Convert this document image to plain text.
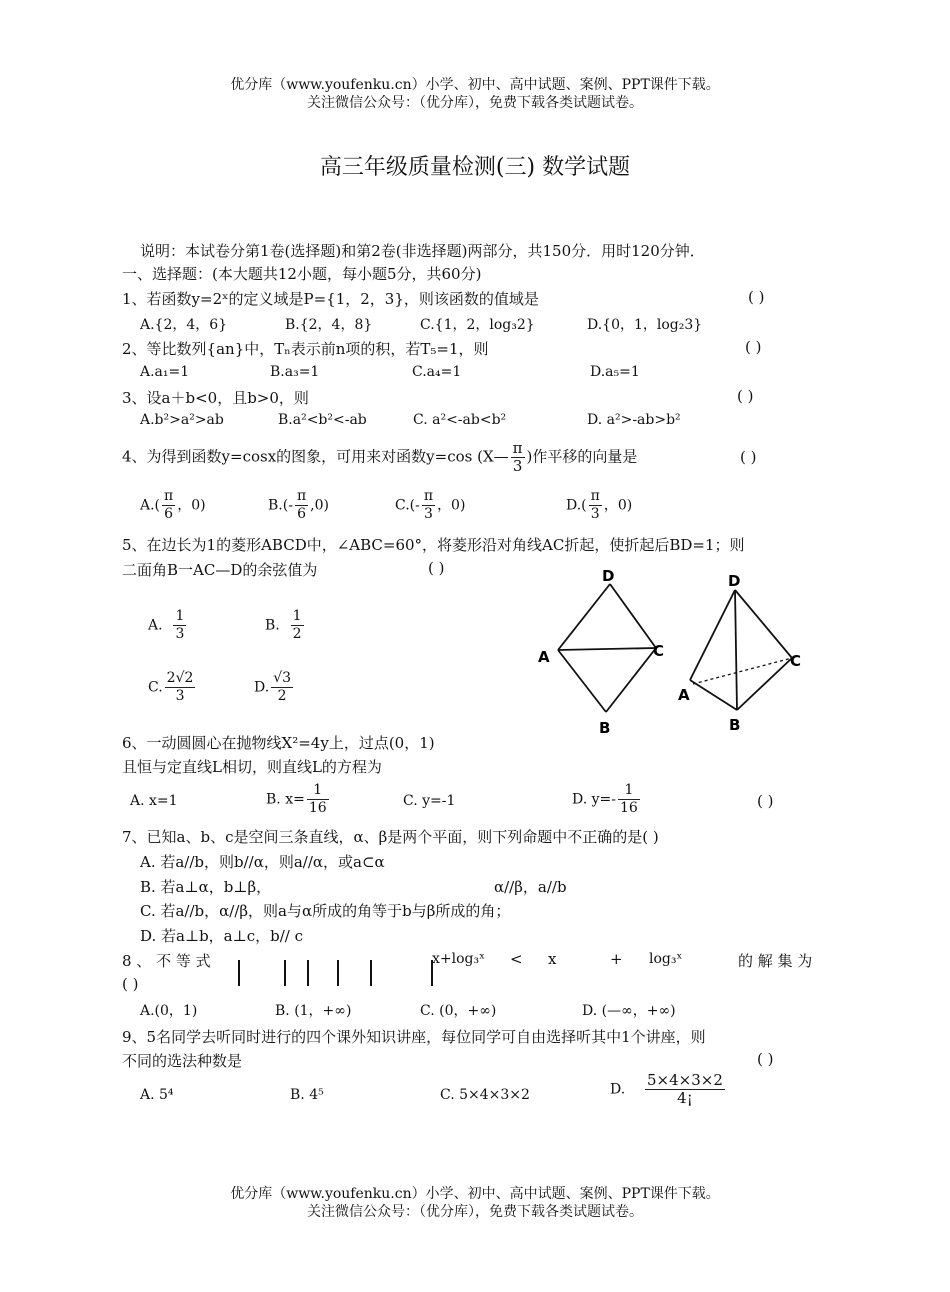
优分库（www.youfenku.cn）小学、初中、高中试题、案例、PPT课件下载。
关注微信公众号：（优分库），免费下载各类试题试卷。
高三年级质量检测(三) 数学试题
说明：本试卷分第1卷(选择题)和第2卷(非选择题)两部分，共150分．用时120分钟．
一、选择题：(本大题共12小题，每小题5分，共60分)
1、若函数y=2ˣ的定义域是P={1，2，3}，则该函数的值域是	( )
A.{2，4，6}	B.{2，4，8}	C.{1，2，log₃2}	D.{0，1，log₂3}
2、等比数列{an}中，Tₙ表示前n项的积，若T₅=1，则	( )
A.a₁=1	B.a₃=1	C.a₄=1	D.a₅=1
3、设a＋b<0，且b>0，则	( )
A.b²>a²>ab	B.a²<b²<-ab	C. a²<-ab<b²	D. a²>-ab>b²
4、为得到函数y=cosx的图象，可用来对函数y=cos (X— $\frac{\pi}{3}$ )作平移的向量是	( )
$A.( \frac{\pi}{6}$ ，0)	$B.(- \frac{\pi}{6} ,0)$	$C.(- \frac{\pi}{3}$ ，0)	$D.( \frac{\pi}{3}$ ，0)
5、在边长为1的菱形ABCD中，∠ABC=60°，将菱形沿对角线AC折起，使折起后BD=1；则
二面角B一AC—D的余弦值为	( )
A. $\frac{1}{3}$	B. $\frac{1}{2}$
C. $\frac{2√2}{3}$	D. $\frac{√3}{2}$
D
A	C
B
D
A
C
B
6、一动圆圆心在抛物线X²=4y上，过点(0，1)
且恒与定直线L相切，则直线L的方程为
A. x=1	B. $x= \frac{1}{16}$	C. y=-1	D. $y=- \frac{1}{16}$	( )
7、已知a、b、c是空间三条直线，α、β是两个平面，则下列命题中不正确的是( )
A. 若a//b，则b//α，则a//α，或a⊂α
B. 若a⊥α，b⊥β，	α//β，a//b
C. 若a//b，α//β，则a与α所成的角等于b与β所成的角；
D. 若a⊥b，a⊥c，b// c
8 、 不 等 式	x+log₃ˣ < x	+ log₃ˣ	的 解 集 为
( )
A.(0，1)	B. (1，+∞)	C. (0，+∞)	D. (—∞，+∞)
9、5名同学去听同时进行的四个课外知识讲座，每位同学可自由选择听其中1个讲座，则
不同的选法种数是	( )
A. 5⁴	B. 4⁵	C. 5×4×3×2	D. $\frac{5\times 4\times 3\times 2}{4¡}$
优分库（www.youfenku.cn）小学、初中、高中试题、案例、PPT课件下载。
关注微信公众号：（优分库），免费下载各类试题试卷。
